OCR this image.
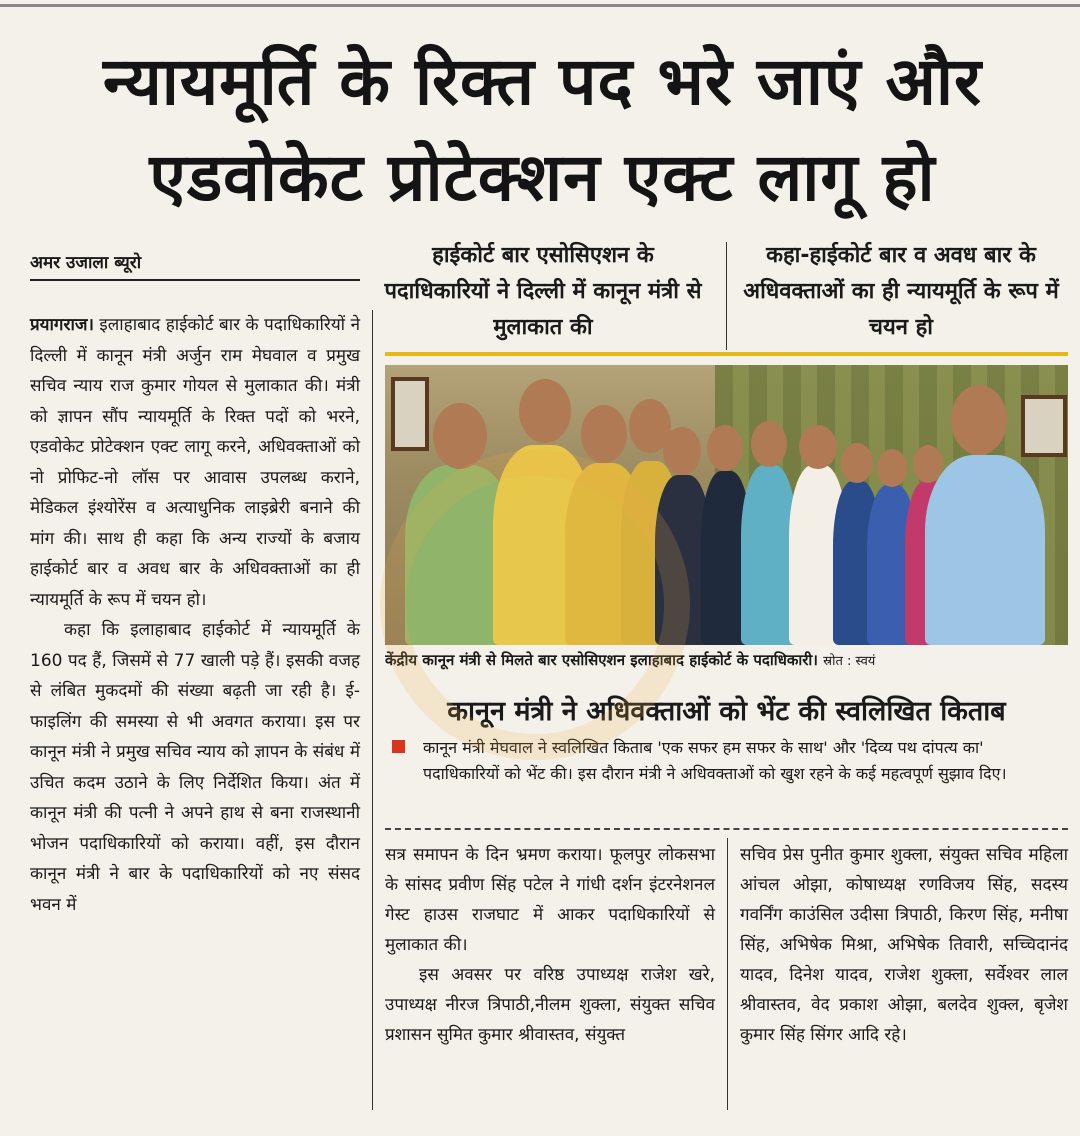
न्यायमूर्ति के रिक्त पद भरे जाएं और
एडवोकेट प्रोटेक्शन एक्ट लागू हो
अमर उजाला ब्यूरो

प्रयागराज। इलाहाबाद हाईकोर्ट बार के पदाधिकारियों ने दिल्ली में कानून मंत्री अर्जुन राम मेघवाल व प्रमुख सचिव न्याय राज कुमार गोयल से मुलाकात की। मंत्री को ज्ञापन सौंप न्यायमूर्ति के रिक्त पदों को भरने, एडवोकेट प्रोटेक्शन एक्ट लागू करने, अधिवक्ताओं को नो प्रोफिट-नो लॉस पर आवास उपलब्ध कराने, मेडिकल इंश्योरेंस व अत्याधुनिक लाइब्रेरी बनाने की मांग की। साथ ही कहा कि अन्य राज्यों के बजाय हाईकोर्ट बार व अवध बार के अधिवक्ताओं का ही न्यायमूर्ति के रूप में चयन हो।

कहा कि इलाहाबाद हाईकोर्ट में न्यायमूर्ति के 160 पद हैं, जिसमें से 77 खाली पड़े हैं। इसकी वजह से लंबित मुकदमों की संख्या बढ़ती जा रही है। ई-फाइलिंग की समस्या से भी अवगत कराया। इस पर कानून मंत्री ने प्रमुख सचिव न्याय को ज्ञापन के संबंध में उचित कदम उठाने के लिए निर्देशित किया। अंत में कानून मंत्री की पत्नी ने अपने हाथ से बना राजस्थानी भोजन पदाधिकारियों को कराया। वहीं, इस दौरान कानून मंत्री ने बार के पदाधिकारियों को नए संसद भवन में

हाईकोर्ट बार एसोसिएशन के पदाधिकारियों ने दिल्ली में कानून मंत्री से मुलाकात की
कहा-हाईकोर्ट बार व अवध बार के अधिवक्ताओं का ही न्यायमूर्ति के रूप में चयन हो
केंद्रीय कानून मंत्री से मिलते बार एसोसिएशन इलाहाबाद हाईकोर्ट के पदाधिकारी। स्रोत : स्वयं
कानून मंत्री ने अधिवक्ताओं को भेंट की स्वलिखित किताब
कानून मंत्री मेघवाल ने स्वलिखित किताब 'एक सफर हम सफर के साथ' और 'दिव्य पथ दांपत्य का' पदाधिकारियों को भेंट की। इस दौरान मंत्री ने अधिवक्ताओं को खुश रहने के कई महत्वपूर्ण सुझाव दिए।

सत्र समापन के दिन भ्रमण कराया। फूलपुर लोकसभा के सांसद प्रवीण सिंह पटेल ने गांधी दर्शन इंटरनेशनल गेस्ट हाउस राजघाट में आकर पदाधिकारियों से मुलाकात की।

इस अवसर पर वरिष्ठ उपाध्यक्ष राजेश खरे, उपाध्यक्ष नीरज त्रिपाठी,नीलम शुक्ला, संयुक्त सचिव प्रशासन सुमित कुमार श्रीवास्तव, संयुक्त

सचिव प्रेस पुनीत कुमार शुक्ला, संयुक्त सचिव महिला आंचल ओझा, कोषाध्यक्ष रणविजय सिंह, सदस्य गवर्निंग काउंसिल उदीसा त्रिपाठी, किरण सिंह, मनीषा सिंह, अभिषेक मिश्रा, अभिषेक तिवारी, सच्चिदानंद यादव, दिनेश यादव, राजेश शुक्ला, सर्वेश्वर लाल श्रीवास्तव, वेद प्रकाश ओझा, बलदेव शुक्ल, बृजेश कुमार सिंह सिंगर आदि रहे।
